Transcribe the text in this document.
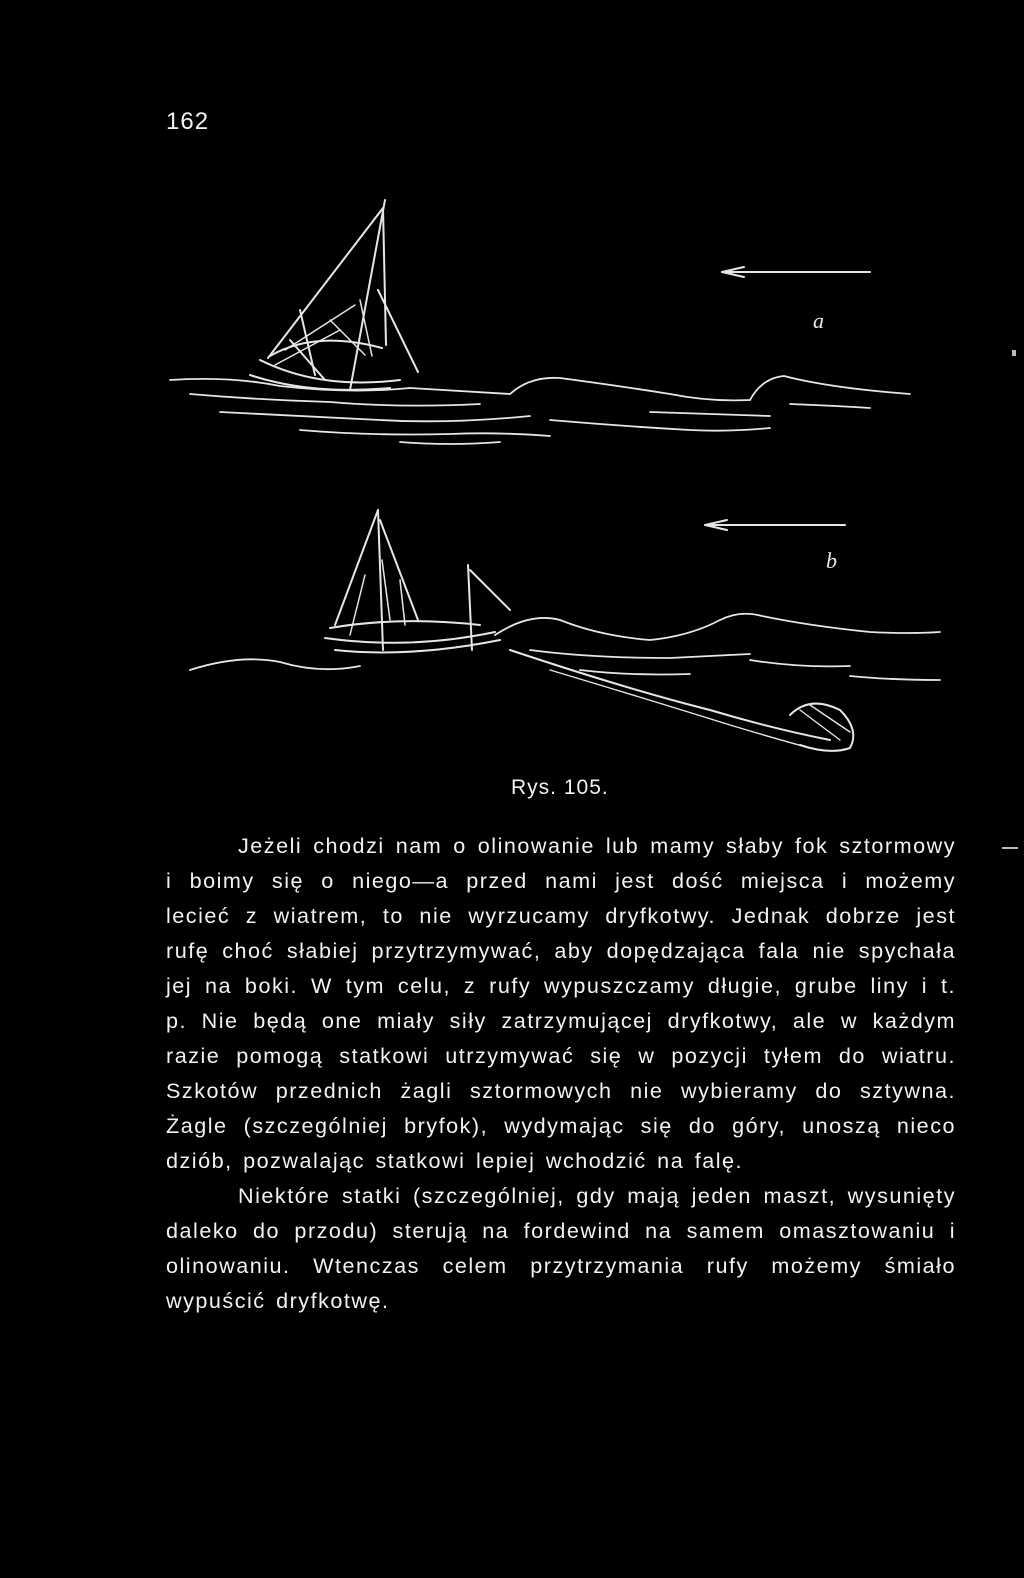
162
a
b
Rys. 105.

Jeżeli chodzi nam o olinowanie lub mamy słaby fok sztormowy i boimy się o niego—a przed nami jest dość miejsca i możemy lecieć z wiatrem, to nie wyrzucamy dryfkotwy. Jednak dobrze jest rufę choć słabiej przytrzymywać, aby dopędzająca fala nie spychała jej na boki. W tym celu, z rufy wypuszczamy długie, grube liny i t. p. Nie będą one miały siły zatrzymującej dryfkotwy, ale w każdym razie pomogą statkowi utrzymywać się w pozycji tyłem do wiatru. Szkotów przednich żagli sztormowych nie wybieramy do sztywna. Żagle (szczególniej bryfok), wydymając się do góry, unoszą nieco dziób, pozwalając statkowi lepiej wchodzić na falę.

Niektóre statki (szczególniej, gdy mają jeden maszt, wysunięty daleko do przodu) sterują na fordewind na samem omasztowaniu i olinowaniu. Wtenczas celem przytrzymania rufy możemy śmiało wypuścić dryfkotwę.
